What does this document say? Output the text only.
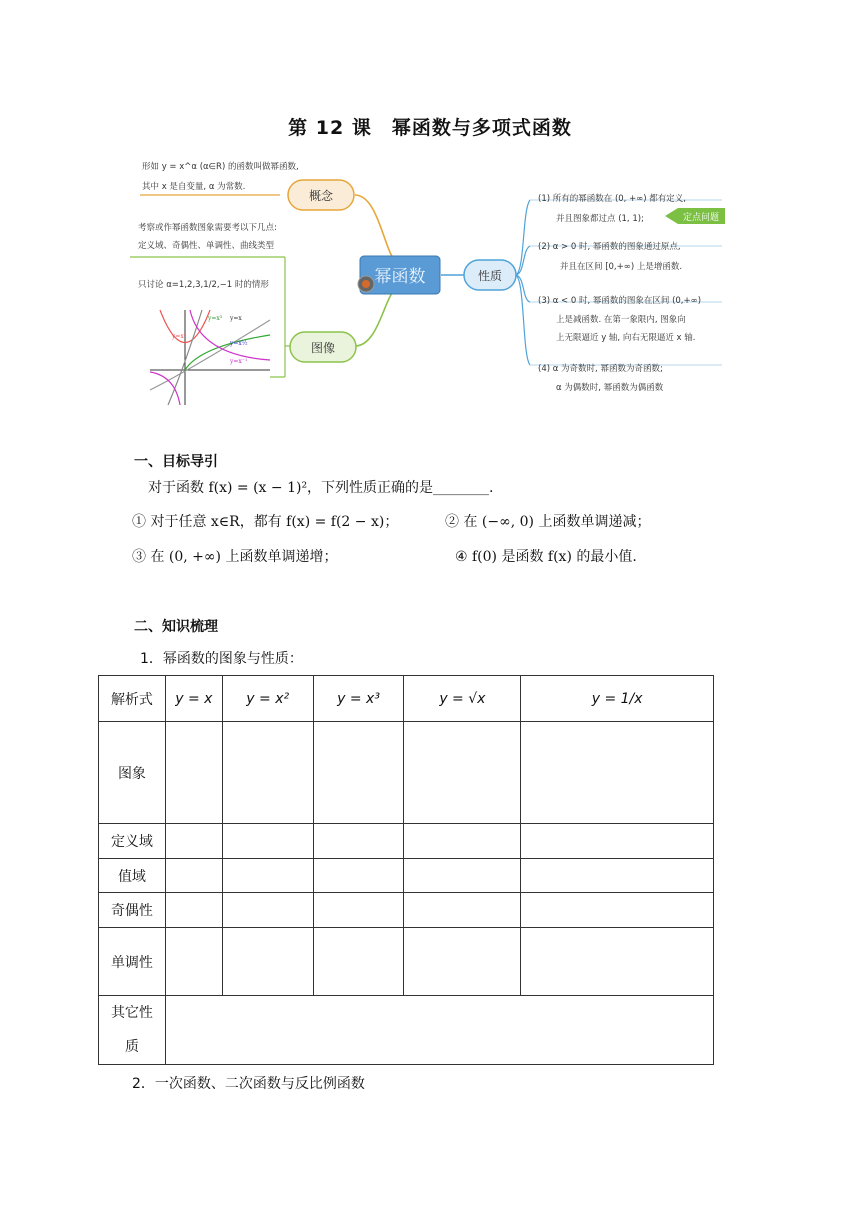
第 12 课　幂函数与多项式函数
概念
图像
幂函数	性质
定点问题
y=x²
y=x³ y=x
y=x½
y=x⁻¹
形如 y = x^α (α∈R) 的函数叫做幂函数,
其中 x 是自变量, α 为常数.
考察或作幂函数图象需要考以下几点:
定义域、奇偶性、单调性、曲线类型
只讨论 α=1,2,3,1/2,−1 时的情形
(1) 所有的幂函数在 (0, +∞) 都有定义,
并且图象都过点 (1, 1);
(2) α > 0 时, 幂函数的图象通过原点,
并且在区间 [0,+∞) 上是增函数.
(3) α < 0 时, 幂函数的图象在区间 (0,+∞)
上是减函数. 在第一象限内, 图象向
上无限逼近 y 轴, 向右无限逼近 x 轴.
(4) α 为奇数时, 幂函数为奇函数;
α 为偶数时, 幂函数为偶函数
一、目标导引
对于函数 f(x) = (x − 1)²，下列性质正确的是________.
① 对于任意 x∈R，都有 f(x) = f(2 − x)；	② 在 (−∞, 0) 上函数单调递减；
③ 在 (0, +∞) 上函数单调递增；	④ f(0) 是函数 f(x) 的最小值.
二、知识梳理
1．幂函数的图象与性质：
解析式	y = x	y = x²	y = x³	y = √x	y = 1/x
图象					
定义域					
值域					
奇偶性					
单调性					
其它性
质					
2．一次函数、二次函数与反比例函数
